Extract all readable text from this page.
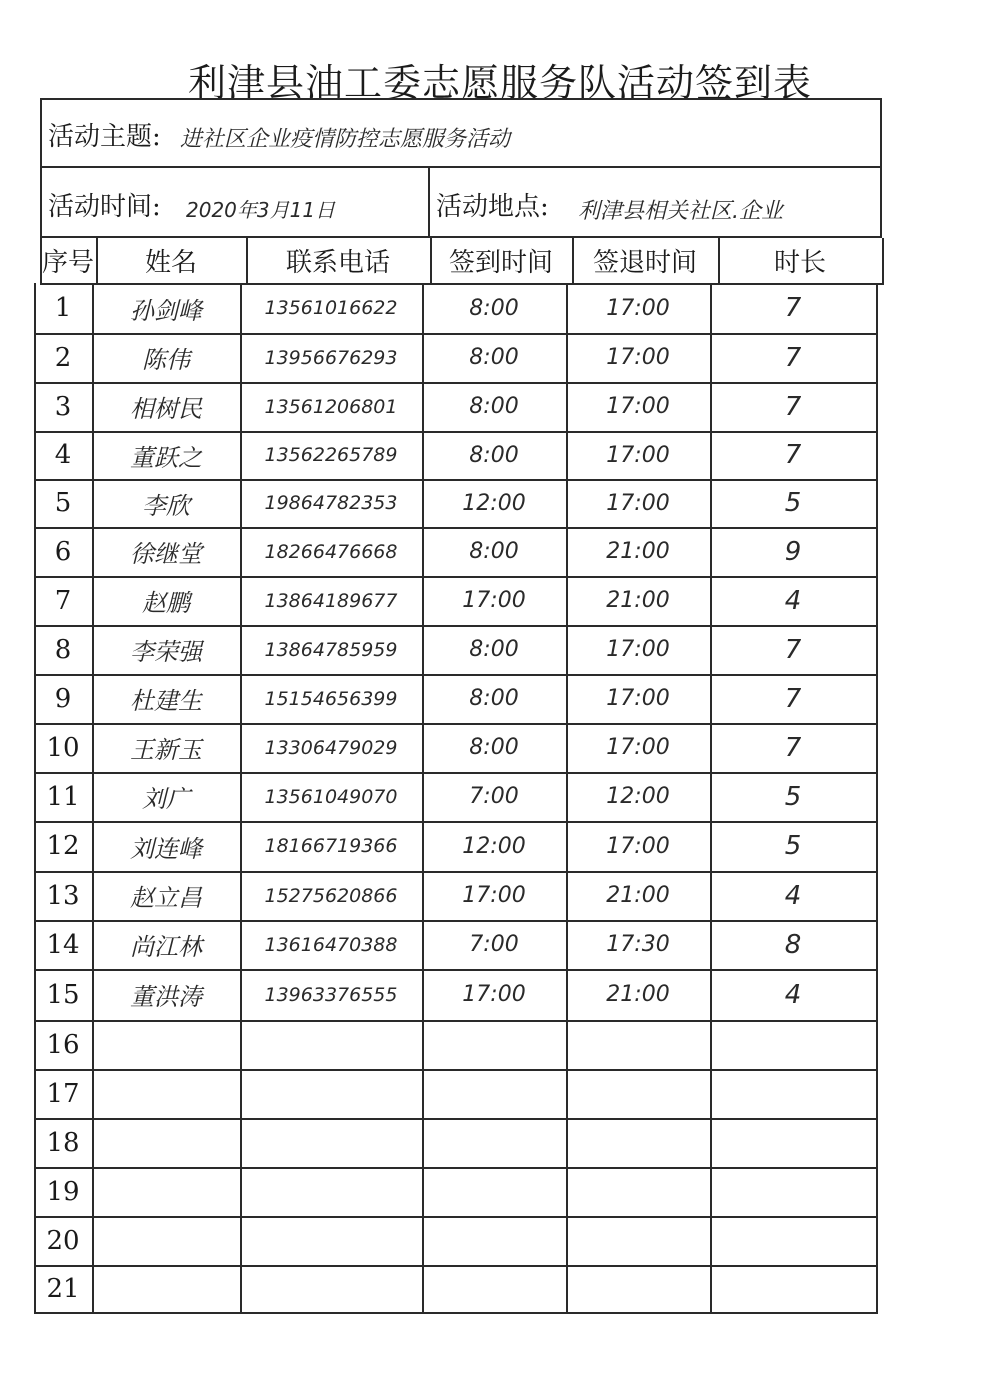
利津县油工委志愿服务队活动签到表
活动主题: 进社区企业疫情防控志愿服务活动
活动时间: 2020年3月11日	活动地点: 利津县相关社区.企业
序号	姓名	联系电话	签到时间	签退时间	时长
1	孙剑峰	13561016622	8:00	17:00	7
2	陈伟	13956676293	8:00	17:00	7
3	相树民	13561206801	8:00	17:00	7
4	董跃之	13562265789	8:00	17:00	7
5	李欣	19864782353	12:00	17:00	5
6	徐继堂	18266476668	8:00	21:00	9
7	赵鹏	13864189677	17:00	21:00	4
8	李荣强	13864785959	8:00	17:00	7
9	杜建生	15154656399	8:00	17:00	7
10	王新玉	13306479029	8:00	17:00	7
11	刘广	13561049070	7:00	12:00	5
12	刘连峰	18166719366	12:00	17:00	5
13	赵立昌	15275620866	17:00	21:00	4
14	尚江林	13616470388	7:00	17:30	8
15	董洪涛	13963376555	17:00	21:00	4
16
17
18
19
20
21
